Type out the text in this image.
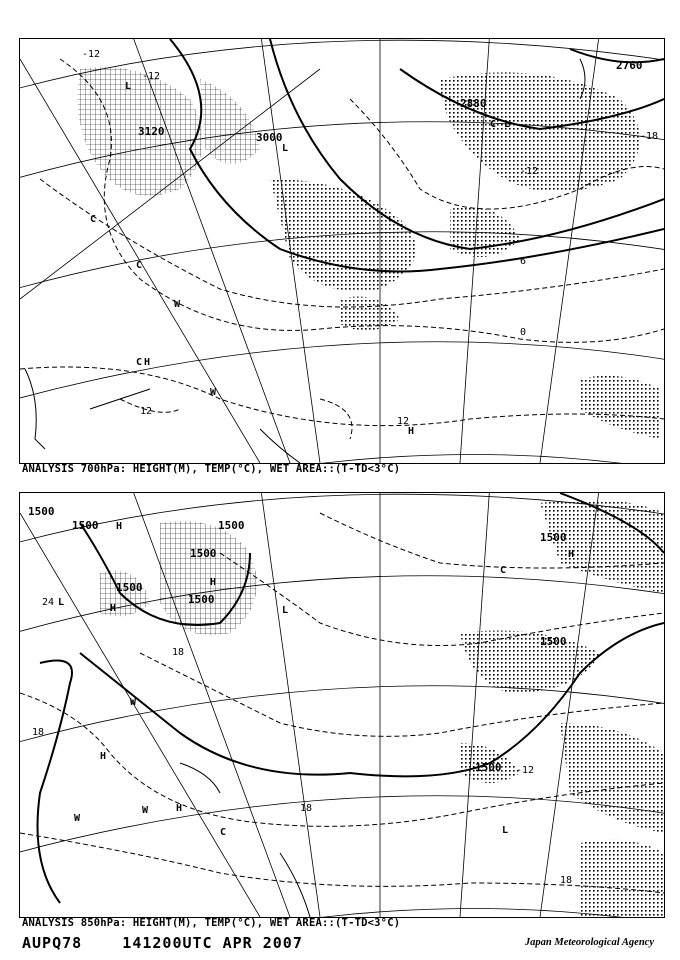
3120	3000
2880
2760
-18
-12
-12
0
12
12
-12
6
L
L
L
C
C
C
H
H
W
W
C
ANALYSIS 700hPa: HEIGHT(M), TEMP(°C), WET AREA::(T-TD<3°C)
1500
1500	1500
1500
1500
1500
1500
1500
1500
24
18
18
18
18
-12
L
L
H
H
H
H
H
H
W
W
W
C
C
L
ANALYSIS 850hPa: HEIGHT(M), TEMP(°C), WET AREA::(T-TD<3°C)
AUPQ78    141200UTC APR 2007	Japan Meteorological Agency
